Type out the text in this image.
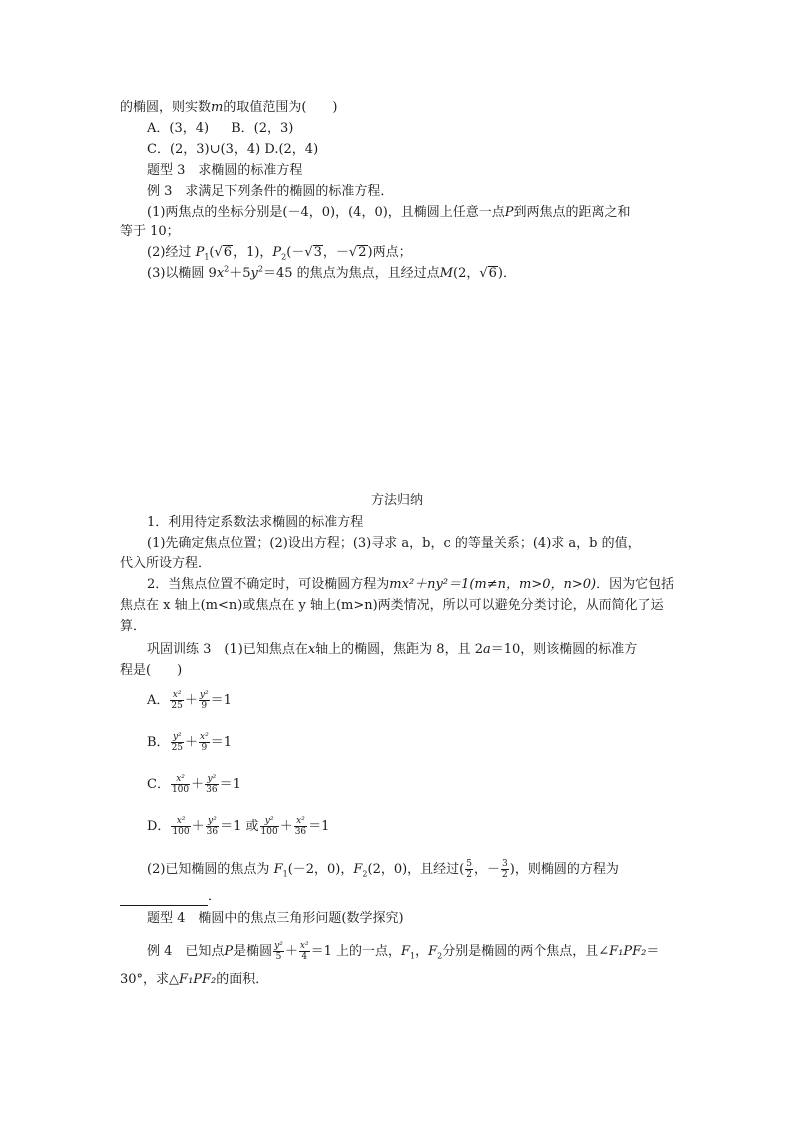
的椭圆，则实数m的取值范围为(　　)
A．(3，4) B．(2，3)
C．(2，3)∪(3，4) D.(2，4)
题型 3　求椭圆的标准方程
例 3　求满足下列条件的椭圆的标准方程．
(1)两焦点的坐标分别是(－4，0)，(4，0)，且椭圆上任意一点P到两焦点的距离之和
等于 10；
(2)经过 $P_1(√6$，1)，$P_2(-√3$，－√2)两点；
(3)以椭圆 $9x^2+5y^2=45$ 的焦点为焦点，且经过点M(2，√6)．
方法归纳
1．利用待定系数法求椭圆的标准方程
(1)先确定焦点位置；(2)设出方程；(3)寻求 a，b，c 的等量关系；(4)求 a，b 的值，
代入所设方程．
2．当焦点位置不确定时，可设椭圆方程为mx²＋ny²＝1(m≠n，m>0，n>0)．因为它包括
焦点在 x 轴上(m<n)或焦点在 y 轴上(m>n)两类情况，所以可以避免分类讨论，从而简化了运
算．
巩固训练 3　(1)已知焦点在x轴上的椭圆，焦距为 8，且 2a＝10，则该椭圆的标准方
程是(　　)
A． $\frac{\text{x²}}{25} + \frac{\text{y²}}{9} =1$
B． $\frac{\text{y²}}{25} + \frac{\text{x²}}{9} =1$
C． $\frac{\text{x²}}{100} + \frac{\text{y²}}{36} =1$
D． $\frac{\text{x²}}{100} + \frac{\text{y²}}{36} =1$ 或 $\frac{\text{y²}}{100} + \frac{\text{x²}}{36} =1$
(2)已知椭圆的焦点为 $F_1(-2$，0)，$F_2(2$，0)，且经过( $\frac{5}{2}$ ，－ $\frac{3}{2}$ )，则椭圆的方程为
．
题型 4　椭圆中的焦点三角形问题(数学探究)
例 4　已知点P是椭圆 $\frac{\text{y²}}{5} + \frac{\text{x²}}{4} =1$ 上的一点，$F_1$，$F_2$分别是椭圆的两个焦点，且∠F₁PF₂＝
30°，求△F₁PF₂的面积．
